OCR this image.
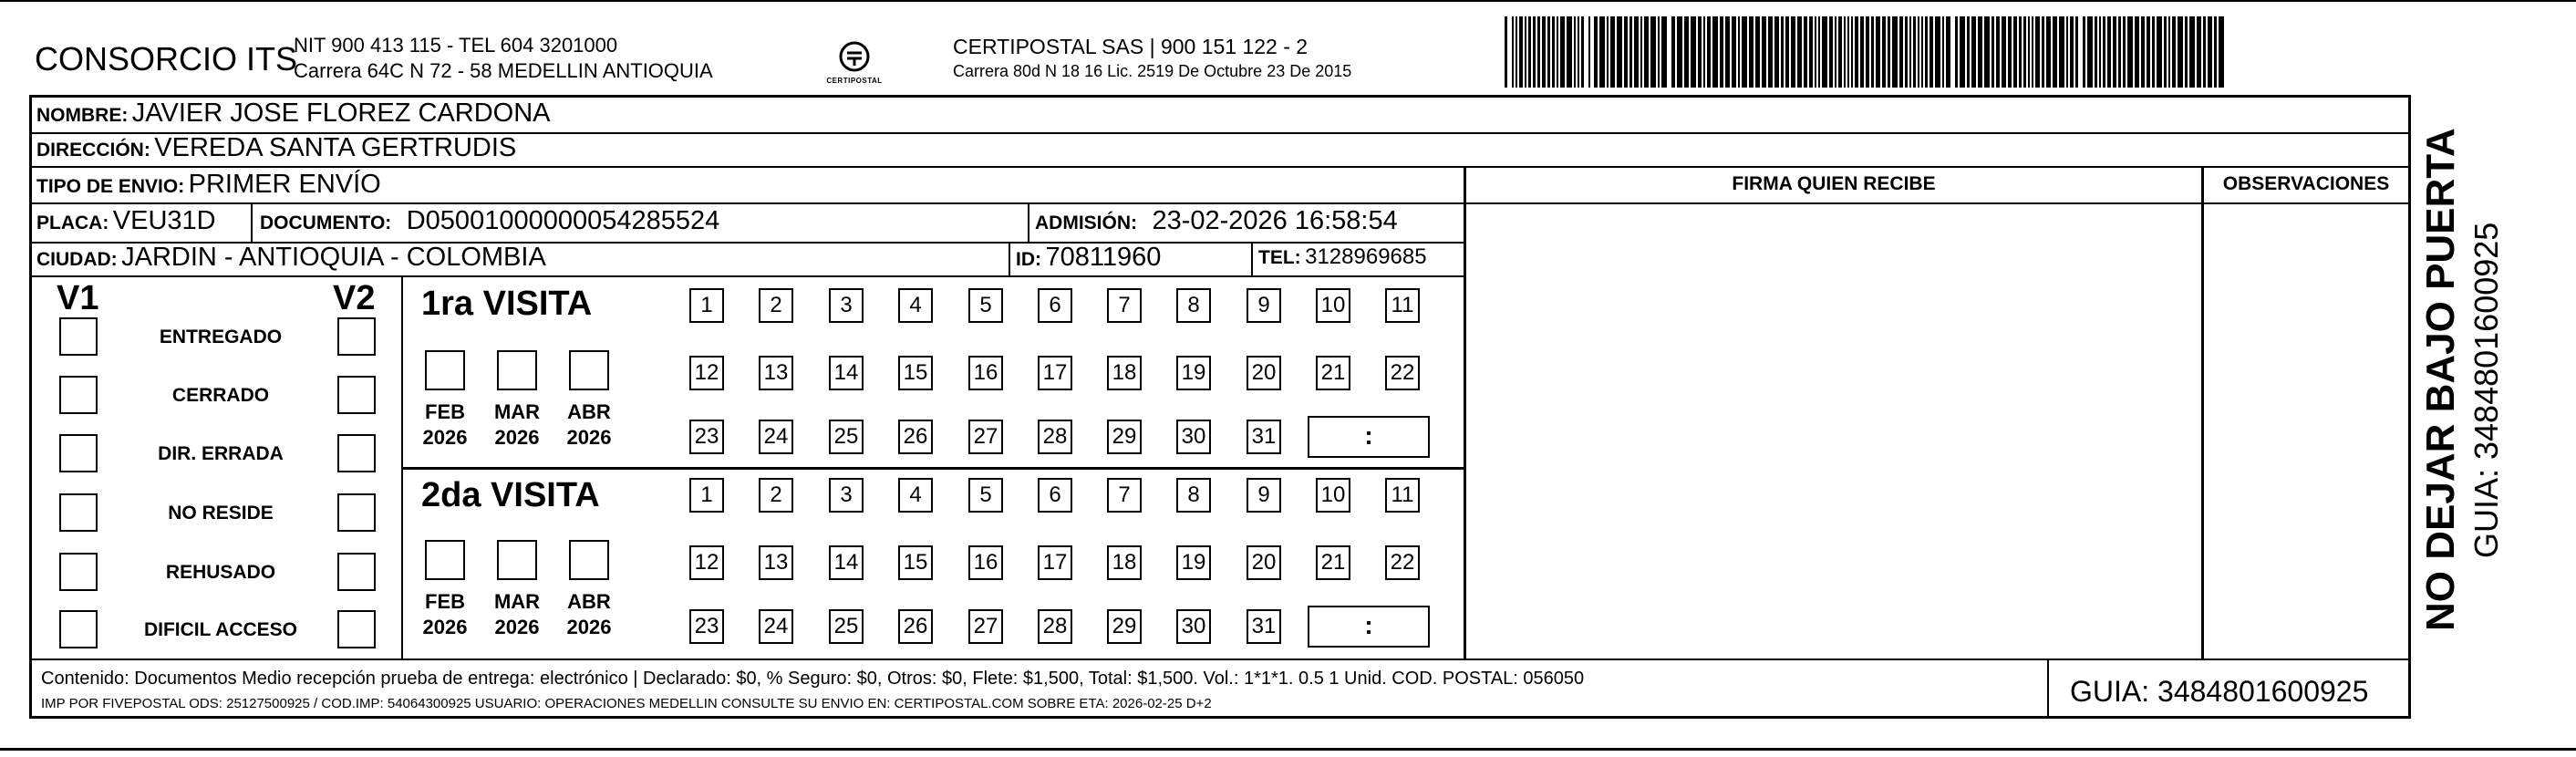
CONSORCIO ITS
NIT 900 413 115 - TEL 604 3201000
Carrera 64C N 72 - 58 MEDELLIN ANTIOQUIA	CERTIPOSTAL
CERTIPOSTAL SAS | 900 151 122 - 2
Carrera 80d N 18 16 Lic. 2519 De Octubre 23 De 2015
NOMBRE: JAVIER JOSE FLOREZ CARDONA
DIRECCIÓN: VEREDA SANTA GERTRUDIS
TIPO DE ENVIO: PRIMER ENVÍO
PLACA: VEU31D DOCUMENTO: D05001000000054285524	ADMISIÓN: 23-02-2026 16:58:54
CIUDAD: JARDIN - ANTIOQUIA - COLOMBIA	ID: 70811960	TEL: 3128969685
FIRMA QUIEN RECIBE	OBSERVACIONES
V1	V2
ENTREGADO
CERRADO
DIR. ERRADA
NO RESIDE
REHUSADO
DIFICIL ACCESO
1ra VISITA
2da VISITA
FEB
2026
MAR
2026
ABR
2026
1	2	3	4	5	6	7	8	9	10 11
12 13 14 15 16 17 18 19 20 21 22
23 24 25 26 27 28 29 30 31	:
FEB
2026
MAR
2026
ABR
2026
1	2	3	4	5	6	7	8	9	10 11
12 13 14 15 16 17 18 19 20 21 22
23 24 25 26 27 28 29 30 31	:
Contenido: Documentos Medio recepción prueba de entrega: electrónico | Declarado: $0, % Seguro: $0, Otros: $0, Flete: $1,500, Total: $1,500. Vol.: 1*1*1. 0.5 1 Unid. COD. POSTAL: 056050
IMP POR FIVEPOSTAL ODS: 25127500925 / COD.IMP: 54064300925 USUARIO: OPERACIONES MEDELLIN CONSULTE SU ENVIO EN: CERTIPOSTAL.COM SOBRE ETA: 2026-02-25 D+2	GUIA: 3484801600925
NO DEJAR BAJO PUERTA GUIA: 3484801600925
